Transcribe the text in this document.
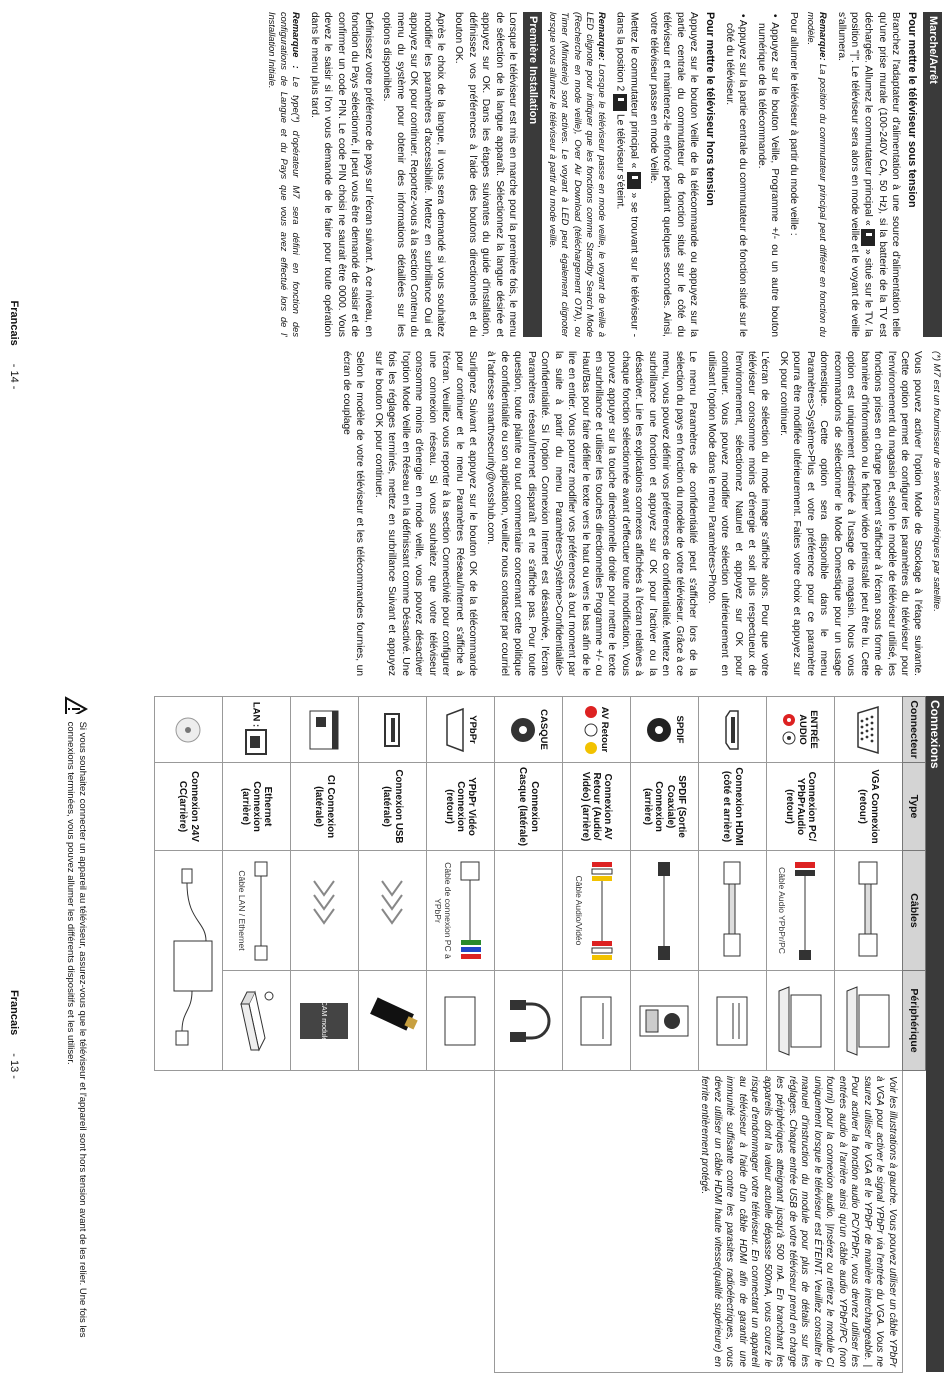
Marche/Arrêt
Pour mettre le téléviseur sous tension

Branchez l'adaptateur d'alimentation à une source d'alimentation telle qu'une prise murale (100-240V CA, 50 Hz), si la batterie de la TV est déchargée. Allumez le commutateur principal «  » situé sur le TV. la position "|". Le téléviseur sera alors en mode veille et le voyant de veille s'allumera.

Remarque: La position du commutateur principal peut différer en fonction du modèle.

Pour allumer le téléviseur à partir du mode veille :

• Appuyez sur le bouton Veille, Programme +/- ou un autre bouton numérique de la télécommande.

• Appuyez sur la partie centrale du commutateur de fonction situé sur le côté du téléviseur.

Pour mettre le téléviseur hors tension

Appuyez sur le bouton Veille de la télécommande ou appuyez sur la partie centrale du commutateur de fonction situé sur le côté du téléviseur et maintenez-le enfoncé pendant quelques secondes. Ainsi, votre téléviseur passe en mode Veille.

Mettez le commutateur principal «  » se trouvant sur le téléviseur - dans la position 2  Le téléviseur s'éteint.

Remarque: Lorsque le téléviseur passe en mode veille, le voyant de veille à LED clignote pour indiquer que les fonctions comme Standby Search Mode (Recherche en mode veille), Over Air Download (téléchargement OTA), ou Timer (Minuterie) sont actives. Le voyant à LED peut également clignoter lorsque vous allumez le téléviseur à partir du mode veille.

Première Installation

Lorsque le téléviseur est mis en marche pour la première fois, le menu de sélection de la langue apparaît. Sélectionnez la langue désirée et appuyez sur OK. Dans les étapes suivantes du guide d'installation, définissez vos préférences à l'aide des boutons directionnels et du bouton OK.

Après le choix de la langue, il vous sera demandé si vous souhaitez modifier les paramètres d'accessibilité. Mettez en surbrillance Oui et appuyez sur OK pour continuer. Reportez-vous à la section Contenu du menu du système pour obtenir des informations détaillées sur les options disponibles.

Définissez votre préférence de pays sur l'écran suivant. À ce niveau, en fonction du Pays sélectionné, il peut vous être demandé de saisir et de confirmer un code PIN. Le code PIN choisi ne saurait être 0000. Vous devez le saisir si l'on vous demande de le faire pour toute opération dans le menu plus tard.

Remarque : Le type(*) d'opérateur M7 sera défini en fonction des configurations de Langue et du Pays que vous avez effectué lors de l' Installation Initiale.

(*) M7 est un fournisseur de services numériques par satellite.

Vous pouvez activer l'option Mode de Stockage à l'étape suivante. Cette option permet de configurer les paramètres du téléviseur pour l'environnement du magasin et, selon le modèle de téléviseur utilisé, les fonctions prises en charge peuvent s'afficher à l'écran sous forme de bannière d'information ou le fichier vidéo préinstallé peut être lu. Cette option est uniquement destinée à l'usage de magasin. Nous vous recommandons de sélectionner le Mode Domestique pour un usage domestique. Cette option sera disponible dans le menu Paramètres>Système>Plus et votre préférence pour ce paramètre pourra être modifiée ultérieurement. Faites votre choix et appuyez sur OK pour continuer.

L'écran de sélection du mode image s'affiche alors. Pour que votre téléviseur consomme moins d'énergie et soit plus respectueux de l'environnement, sélectionnez Naturel et appuyez sur OK pour continuer. Vous pouvez modifier votre sélection ultérieurement en utilisant l'option Mode dans le menu Paramètres>Photo.

Le menu Paramètres de confidentialité peut s'afficher lors de la sélection du pays en fonction du modèle de votre téléviseur. Grâce à ce menu, vous pouvez définir vos préférences de confidentialité. Mettez en surbrillance une fonction et appuyez sur OK pour l'activer ou la désactiver. Lire les explications connexes affichées à l'écran relatives à chaque fonction sélectionnée avant d'effectuer toute modification. Vous pouvez appuyer sur la touche directionnelle droite pour mettre le texte en surbrillance et utiliser les touches directionnelles Programme +/- ou Haut/Bas pour faire défiler le texte vers le haut ou vers le bas afin de le lire en entier. Vous pourrez modifier vos préférences à tout moment par la suite à partir du menu Paramètres>Système>Confidentialité> Confidentialité. Si l'option Connexion Internet est désactivée, l'écran Paramètres réseau/Internet disparaît et ne s'affiche pas. Pour toute question, toute plainte ou tout commentaire concernant cette politique de confidentialité ou son application, veuillez nous contacter par courriel à l'adresse smarttvsecurity@vosshub.com.

Surlignez Suivant et appuyez sur le bouton OK de la télécommande pour continuer et le menu Paramètres Réseau/Internet s'affiche à l'écran. Veuillez vous reporter à la section Connectivité pour configurer une connexion réseau. Si vous souhaitez que votre téléviseur consomme moins d'énergie en mode veille, vous pouvez désactiver l'option Mode Veille en Réseau en la définissant comme Désactivé. Une fois les réglages terminés, mettez en surbrillance Suivant et appuyez sur le bouton OK pour continuer.

Selon le modèle de votre téléviseur et les télécommandes fournies, un écran de couplage

Francais- 14 -
Connexions
Connecteur	Type	Câbles	Périphérique	

	VGA Connexion (retour)			Voir les illustrations à gauche. Vous pouvez utiliser un câble YPbPr à VGA pour activer le signal YPbPr via l'entrée du VGA. Vous ne saurez utiliser le VGA et le YPbPr de manière interchangeable. | Pour activer la fonction audio PC/YPbPr, vous devrez utiliser les entrées audio à l'arrière ainsi qu'un câble audio YPbPr/PC (non fourni) pour la connexion audio. |Insérez ou retirez le module CI uniquement lorsque le téléviseur est ÉTEINT. Veuillez consulter le manuel d'instruction du module pour plus de détails sur les réglages. Chaque entrée USB de votre téléviseur prend en charge les périphériques atteignant jusqu'à 500 mA. En branchant les appareils dont la valeur actuelle dépasse 500mA, vous courez le risque d'endommager votre téléviseur. En connectant un appareil au téléviseur à l'aide d'un câble HDMI afin de garantir une immunité suffisante contre les parasites radioélectriques, vous devez utiliser un câble HDMI haute vitesse(qualité supérieure) en ferrite entièrement protégé.

ENTRÉE AUDIO	Connexion PC/ YPbPrAudio (retour)	Câble Audio YPbPr/PC

	Connexion HDMI (côté et arrière)	

SPDIF	SPDIF (Sortie Coaxiale) Connexion (arrière)	

AV Retour	Connexion AV Retour (Audio/ Vidéo) (arrière)	Câble Audio/Vidéo

CASQUE	Connexion Casque (latérale)		

YPbPr	YPbPr Vidéo Connexion (retour)	Câble de connexion PC à YPbPr

	Connexion USB (latérale)	

	CI Connexion (latérale)		CAM module	

LAN :	Ethernet Connexion (arrière)	Câble LAN / Ethernet

	Connexion 24V CC(arrière)	

Si vous souhaitez connecter un appareil au téléviseur, assurez-vous que le téléviseur et l'appareil sont hors tension avant de les relier. Une fois les connexions terminées, vous pouvez allumer les différents dispositifs et les utiliser.
Francais- 13 -
